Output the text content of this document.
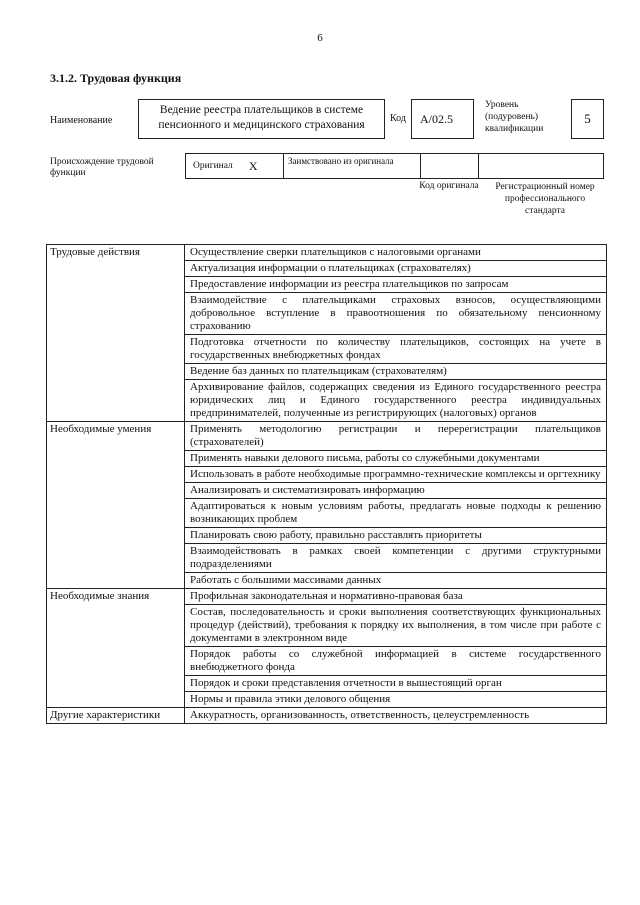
6
3.1.2. Трудовая функция
Наименование
Ведение реестра плательщиков в системе пенсионного и медицинского страхования
Код	А/02.5
Уровень (подуровень) квалификации
5
Происхождение трудовой функции
Оригинал X	Заимствовано из оригинала
Код оригинала Регистрационный номер профессионального стандарта
Трудовые действия	Осуществление сверки плательщиков с налоговыми органами
	Актуализация информации о плательщиках (страхователях)
	Предоставление информации из реестра плательщиков по запросам
	Взаимодействие с плательщиками страховых взносов, осуществляющими добровольное вступление в правоотношения по обязательному пенсионному страхованию
	Подготовка отчетности по количеству плательщиков, состоящих на учете в государственных внебюджетных фондах
	Ведение баз данных по плательщикам (страхователям)
	Архивирование файлов, содержащих сведения из Единого государственного реестра юридических лиц и Единого государственного реестра индивидуальных предпринимателей, полученные из регистрирующих (налоговых) органов
Необходимые умения	Применять методологию регистрации и перерегистрации плательщиков (страхователей)
	Применять навыки делового письма, работы со служебными документами
	Использовать в работе необходимые программно-технические комплексы и оргтехнику
	Анализировать и систематизировать информацию
	Адаптироваться к новым условиям работы, предлагать новые подходы к решению возникающих проблем
	Планировать свою работу, правильно расставлять приоритеты
	Взаимодействовать в рамках своей компетенции с другими структурными подразделениями
	Работать с большими массивами данных
Необходимые знания	Профильная законодательная и нормативно-правовая база
	Состав, последовательность и сроки выполнения соответствующих функциональных процедур (действий), требования к порядку их выполнения, в том числе при работе с документами в электронном виде
	Порядок работы со служебной информацией в системе государственного внебюджетного фонда
	Порядок и сроки представления отчетности в вышестоящий орган
	Нормы и правила этики делового общения
Другие характеристики	Аккуратность, организованность, ответственность, целеустремленность
